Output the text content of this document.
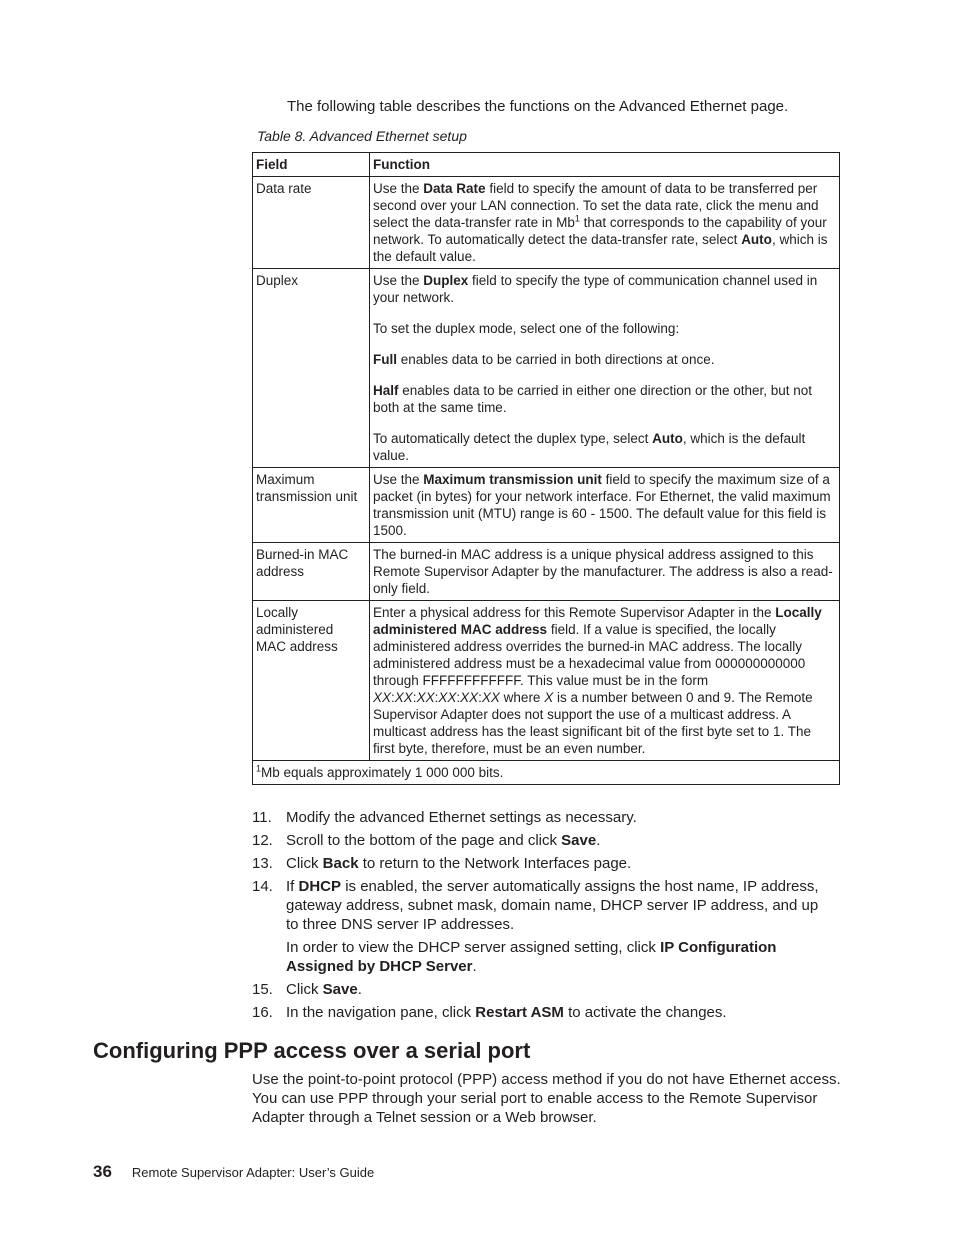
The following table describes the functions on the Advanced Ethernet page.
Table 8. Advanced Ethernet setup
Field	Function
Data rate	Use the Data Rate field to specify the amount of data to be transferred per second over your LAN connection. To set the data rate, click the menu and select the data-transfer rate in Mb$^1$ that corresponds to the capability of your network. To automatically detect the data-transfer rate, select Auto, which is the default value.
Duplex	Use the Duplex field to specify the type of communication channel used in your network.

To set the duplex mode, select one of the following:

Full enables data to be carried in both directions at once.

Half enables data to be carried in either one direction or the other, but not both at the same time.

To automatically detect the duplex type, select Auto, which is the default value.

Maximum transmission unit	Use the Maximum transmission unit field to specify the maximum size of a packet (in bytes) for your network interface. For Ethernet, the valid maximum transmission unit (MTU) range is 60 - 1500. The default value for this field is 1500.
Burned-in MAC address	The burned-in MAC address is a unique physical address assigned to this Remote Supervisor Adapter by the manufacturer. The address is also a read-only field.
Locally administered MAC address	Enter a physical address for this Remote Supervisor Adapter in the Locally administered MAC address field. If a value is specified, the locally administered address overrides the burned-in MAC address. The locally administered address must be a hexadecimal value from 000000000000 through FFFFFFFFFFFF. This value must be in the form XX:XX:XX:XX:XX:XX where X is a number between 0 and 9. The Remote Supervisor Adapter does not support the use of a multicast address. A multicast address has the least significant bit of the first byte set to 1. The first byte, therefore, must be an even number.
$^1$Mb equals approximately 1 000 000 bits.	
11. Modify the advanced Ethernet settings as necessary.
12. Scroll to the bottom of the page and click Save.
13. Click Back to return to the Network Interfaces page.
14. If DHCP is enabled, the server automatically assigns the host name, IP address, gateway address, subnet mask, domain name, DHCP server IP address, and up to three DNS server IP addresses.
In order to view the DHCP server assigned setting, click IP Configuration Assigned by DHCP Server.
15. Click Save.
16. In the navigation pane, click Restart ASM to activate the changes.
Configuring PPP access over a serial port
Use the point-to-point protocol (PPP) access method if you do not have Ethernet access. You can use PPP through your serial port to enable access to the Remote Supervisor Adapter through a Telnet session or a Web browser.
36 Remote Supervisor Adapter: User’s Guide
